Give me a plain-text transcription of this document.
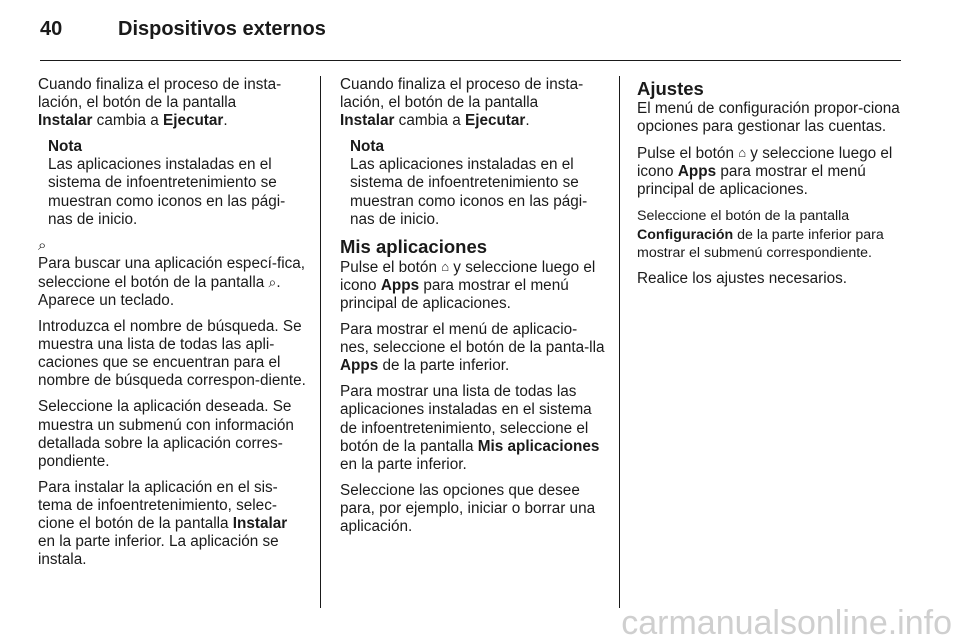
40	Dispositivos externos

Cuando finaliza el proceso de insta-lación, el botón de la pantalla
Instalar cambia a Ejecutar.

Nota
Las aplicaciones instaladas en el sistema de infoentretenimiento se muestran como iconos en las pági-nas de inicio.
⌕

Para buscar una aplicación especí-fica, seleccione el botón de la pantalla ⌕. Aparece un teclado.

Introduzca el nombre de búsqueda. Se muestra una lista de todas las apli-caciones que se encuentran para el nombre de búsqueda correspon-diente.

Seleccione la aplicación deseada. Se muestra un submenú con información detallada sobre la aplicación corres-pondiente.

Para instalar la aplicación en el sis-tema de infoentretenimiento, selec-cione el botón de la pantalla Instalar en la parte inferior. La aplicación se instala.

Cuando finaliza el proceso de insta-lación, el botón de la pantalla
Instalar cambia a Ejecutar.

Nota
Las aplicaciones instaladas en el sistema de infoentretenimiento se muestran como iconos en las pági-nas de inicio.
Mis aplicaciones

Pulse el botón ⌂ y seleccione luego el icono Apps para mostrar el menú principal de aplicaciones.

Para mostrar el menú de aplicacio-nes, seleccione el botón de la panta-lla Apps de la parte inferior.

Para mostrar una lista de todas las aplicaciones instaladas en el sistema de infoentretenimiento, seleccione el botón de la pantalla Mis aplicaciones en la parte inferior.

Seleccione las opciones que desee para, por ejemplo, iniciar o borrar una aplicación.

Ajustes

El menú de configuración propor-ciona opciones para gestionar las cuentas.

Pulse el botón ⌂ y seleccione luego el icono Apps para mostrar el menú principal de aplicaciones.

Seleccione el botón de la pantalla Configuración de la parte inferior para mostrar el submenú correspondiente.

Realice los ajustes necesarios.

carmanualsonline.info
